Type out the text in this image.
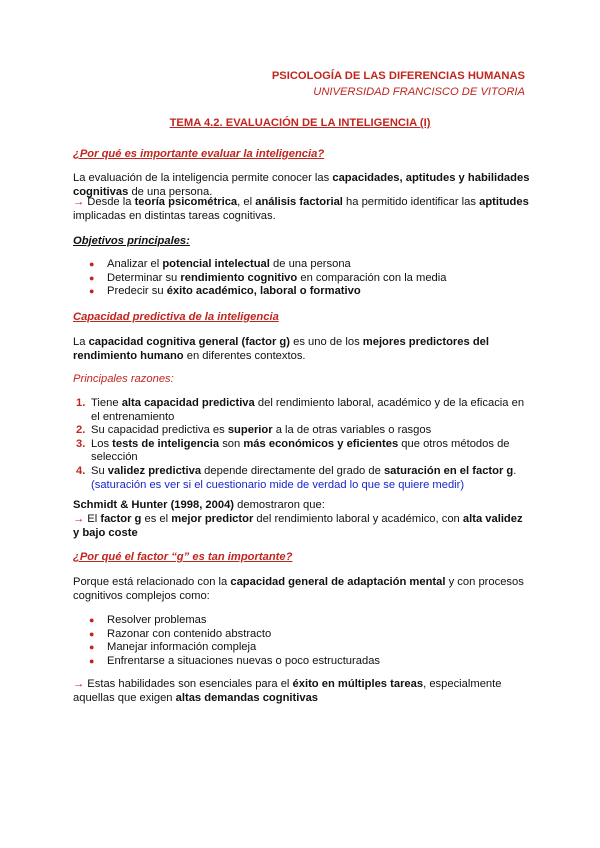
PSICOLOGÍA DE LAS DIFERENCIAS HUMANAS
UNIVERSIDAD FRANCISCO DE VITORIA
TEMA 4.2. EVALUACIÓN DE LA INTELIGENCIA (I)
¿Por qué es importante evaluar la inteligencia?
La evaluación de la inteligencia permite conocer las capacidades, aptitudes y habilidades cognitivas de una persona.
→ Desde la teoría psicométrica, el análisis factorial ha permitido identificar las aptitudes implicadas en distintas tareas cognitivas.
Objetivos principales:
● Analizar el potencial intelectual de una persona
● Determinar su rendimiento cognitivo en comparación con la media
● Predecir su éxito académico, laboral o formativo
Capacidad predictiva de la inteligencia
La capacidad cognitiva general (factor g) es uno de los mejores predictores del rendimiento humano en diferentes contextos.
Principales razones:
1. Tiene alta capacidad predictiva del rendimiento laboral, académico y de la eficacia en el entrenamiento
2. Su capacidad predictiva es superior a la de otras variables o rasgos
3. Los tests de inteligencia son más económicos y eficientes que otros métodos de selección
4. Su validez predictiva depende directamente del grado de saturación en el factor g.
(saturación es ver si el cuestionario mide de verdad lo que se quiere medir)
Schmidt & Hunter (1998, 2004) demostraron que:
→ El factor g es el mejor predictor del rendimiento laboral y académico, con alta validez y bajo coste
¿Por qué el factor “g” es tan importante?
Porque está relacionado con la capacidad general de adaptación mental y con procesos cognitivos complejos como:
● Resolver problemas
● Razonar con contenido abstracto
● Manejar información compleja
● Enfrentarse a situaciones nuevas o poco estructuradas
→ Estas habilidades son esenciales para el éxito en múltiples tareas, especialmente aquellas que exigen altas demandas cognitivas
